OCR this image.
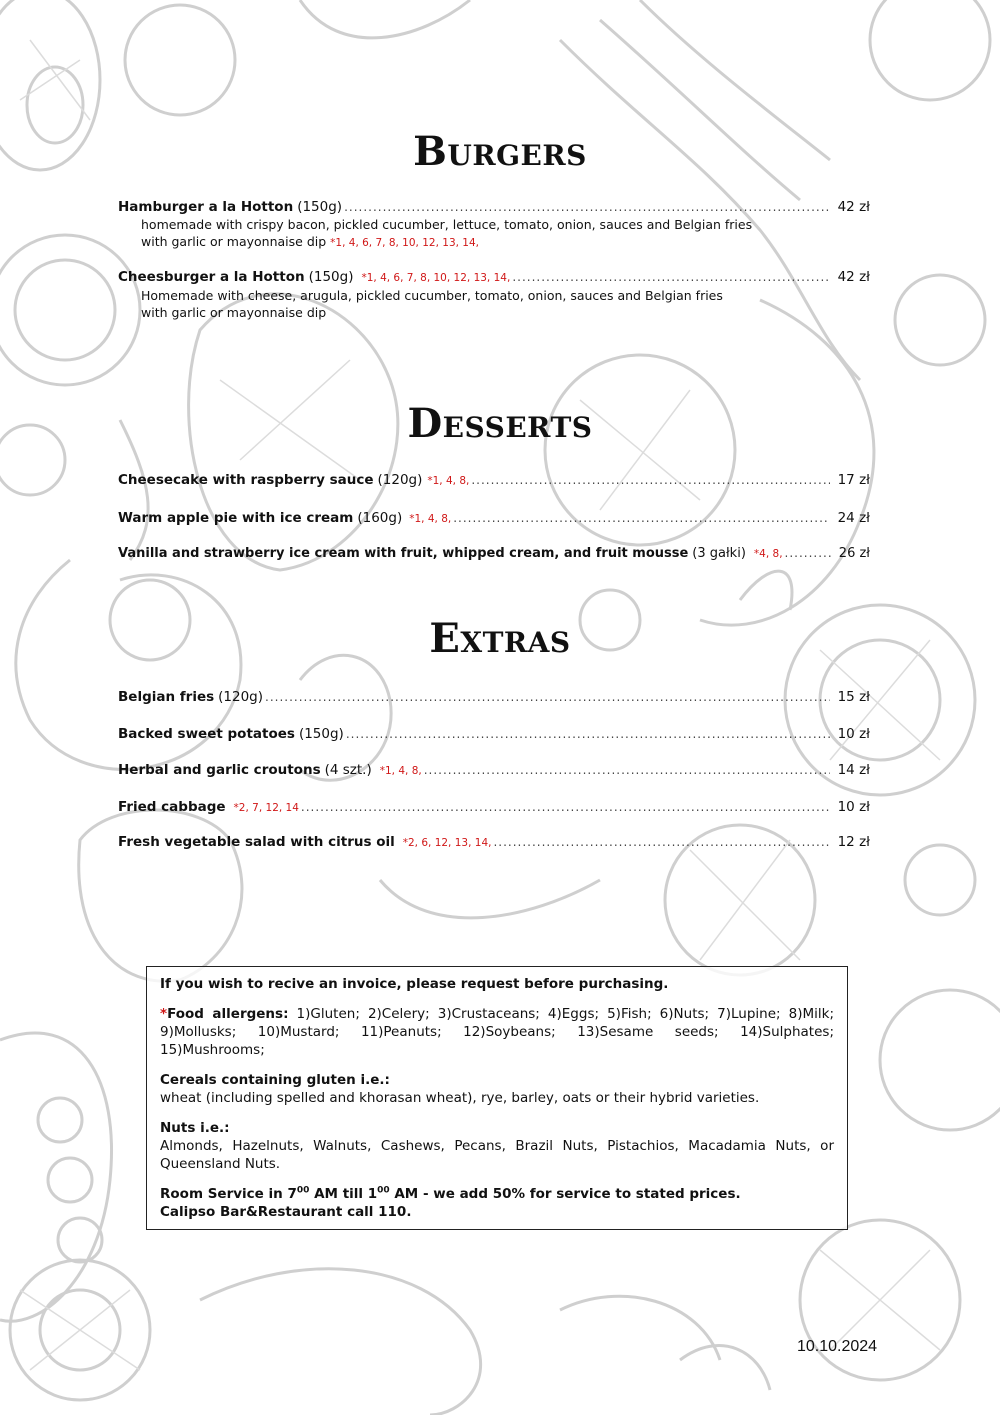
Burgers
Hamburger a la Hotton (150g) .....	42 zł
homemade with crispy bacon, pickled cucumber, lettuce, tomato, onion, sauces and Belgian fries
with garlic or mayonnaise dip *1, 4, 6, 7, 8, 10, 12, 13, 14,
Cheesburger a la Hotton (150g) *1, 4, 6, 7, 8, 10, 12, 13, 14, .....	42 zł
Homemade with cheese, arugula, pickled cucumber, tomato, onion, sauces and Belgian fries
with garlic or mayonnaise dip
Desserts
Cheesecake with raspberry sauce (120g) *1, 4, 8, .....	17 zł
Warm apple pie with ice cream (160g) *1, 4, 8, .....	24 zł
Vanilla and strawberry ice cream with fruit, whipped cream, and fruit mousse (3 gałki) *4, 8, .....	26 zł
Extras
Belgian fries (120g) .....	15 zł
Backed sweet potatoes (150g) .....	10 zł
Herbal and garlic croutons (4 szt.) *1, 4, 8, .....	14 zł
Fried cabbage *2, 7, 12, 14 .....	10 zł
Fresh vegetable salad with citrus oil *2, 6, 12, 13, 14, .....	12 zł

If you wish to recive an invoice, please request before purchasing.

*Food allergens: 1)Gluten; 2)Celery; 3)Crustaceans; 4)Eggs; 5)Fish; 6)Nuts; 7)Lupine; 8)Milk; 9)Mollusks; 10)Mustard; 11)Peanuts; 12)Soybeans; 13)Sesame seeds; 14)Sulphates; 15)Mushrooms;

Cereals containing gluten i.e.:
wheat (including spelled and khorasan wheat), rye, barley, oats or their hybrid varieties.

Nuts i.e.:
Almonds, Hazelnuts, Walnuts, Cashews, Pecans, Brazil Nuts, Pistachios, Macadamia Nuts, or Queensland Nuts.

Room Service in $7^{00}$ AM till $1^{00}$ AM - we add 50% for service to stated prices.
Calipso Bar&Restaurant call 110.

10.10.2024
